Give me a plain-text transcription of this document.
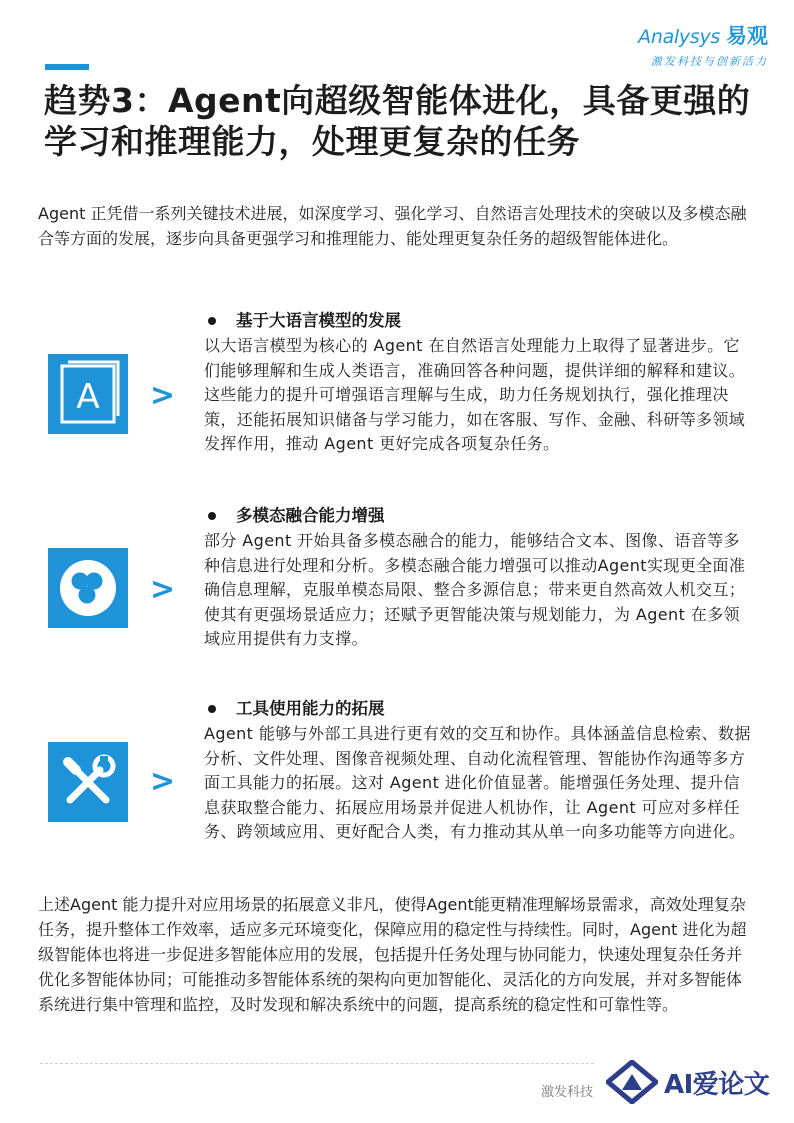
Analysys 易观
激发科技与创新活力
趋势3：Agent向超级智能体进化，具备更强的学习和推理能力，处理更复杂的任务

Agent 正凭借一系列关键技术进展，如深度学习、强化学习、自然语言处理技术的突破以及多模态融合等方面的发展，逐步向具备更强学习和推理能力、能处理更复杂任务的超级智能体进化。

A >
基于大语言模型的发展

以大语言模型为核心的 Agent 在自然语言处理能力上取得了显著进步。它们能够理解和生成人类语言，准确回答各种问题，提供详细的解释和建议。这些能力的提升可增强语言理解与生成，助力任务规划执行，强化推理决策，还能拓展知识储备与学习能力，如在客服、写作、金融、科研等多领域发挥作用，推动 Agent 更好完成各项复杂任务。

>
多模态融合能力增强

部分 Agent 开始具备多模态融合的能力，能够结合文本、图像、语音等多种信息进行处理和分析。多模态融合能力增强可以推动Agent实现更全面准确信息理解，克服单模态局限、整合多源信息；带来更自然高效人机交互；使其有更强场景适应力；还赋予更智能决策与规划能力，为 Agent 在多领域应用提供有力支撑。

>
工具使用能力的拓展

Agent 能够与外部工具进行更有效的交互和协作。具体涵盖信息检索、数据分析、文件处理、图像音视频处理、自动化流程管理、智能协作沟通等多方面工具能力的拓展。这对 Agent 进化价值显著。能增强任务处理、提升信息获取整合能力、拓展应用场景并促进人机协作，让 Agent 可应对多样任务、跨领域应用、更好配合人类，有力推动其从单一向多功能等方向进化。

上述Agent 能力提升对应用场景的拓展意义非凡，使得Agent能更精准理解场景需求，高效处理复杂任务，提升整体工作效率，适应多元环境变化，保障应用的稳定性与持续性。同时，Agent 进化为超级智能体也将进一步促进多智能体应用的发展，包括提升任务处理与协同能力，快速处理复杂任务并优化多智能体协同；可能推动多智能体系统的架构向更加智能化、灵活化的方向发展，并对多智能体系统进行集中管理和监控，及时发现和解决系统中的问题，提高系统的稳定性和可靠性等。

激发科技	AI爱论文
